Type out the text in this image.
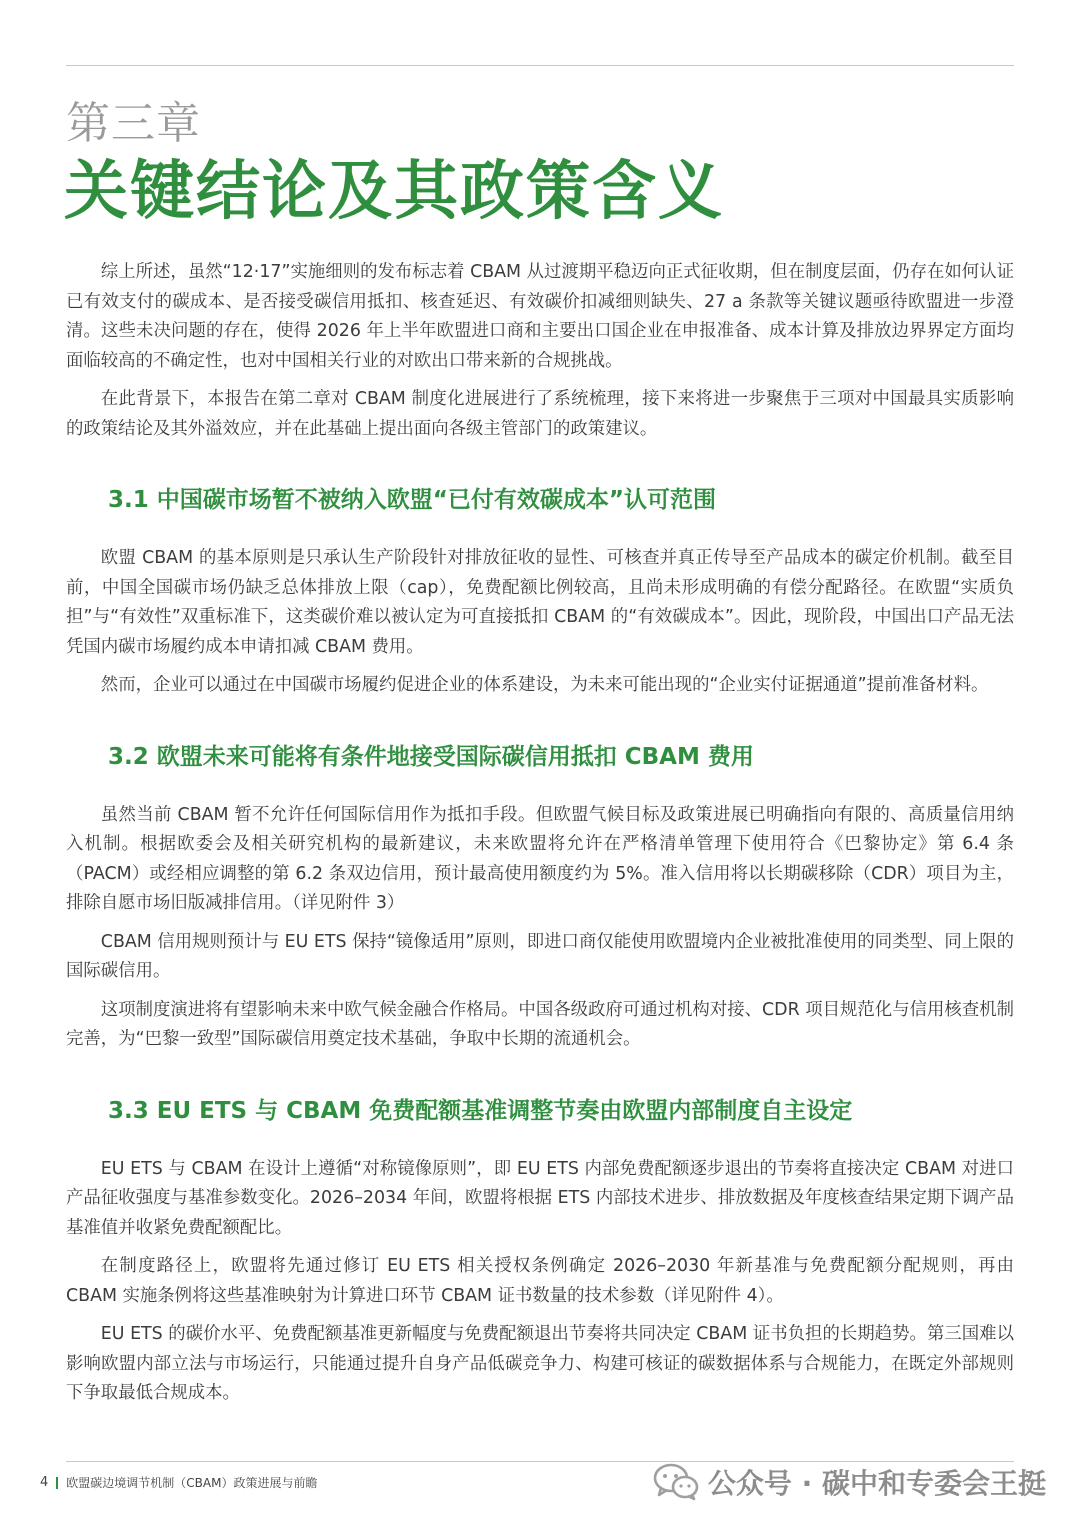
第三章
关键结论及其政策含义

综上所述，虽然“12·17”实施细则的发布标志着 CBAM 从过渡期平稳迈向正式征收期，但在制度层面，仍存在如何认证已有效支付的碳成本、是否接受碳信用抵扣、核查延迟、有效碳价扣减细则缺失、27 a 条款等关键议题亟待欧盟进一步澄清。这些未决问题的存在，使得 2026 年上半年欧盟进口商和主要出口国企业在申报准备、成本计算及排放边界界定方面均面临较高的不确定性，也对中国相关行业的对欧出口带来新的合规挑战。

在此背景下，本报告在第二章对 CBAM 制度化进展进行了系统梳理，接下来将进一步聚焦于三项对中国最具实质影响的政策结论及其外溢效应，并在此基础上提出面向各级主管部门的政策建议。

3.1 中国碳市场暂不被纳入欧盟“已付有效碳成本”认可范围

欧盟 CBAM 的基本原则是只承认生产阶段针对排放征收的显性、可核查并真正传导至产品成本的碳定价机制。截至目前，中国全国碳市场仍缺乏总体排放上限（cap），免费配额比例较高，且尚未形成明确的有偿分配路径。在欧盟“实质负担”与“有效性”双重标准下，这类碳价难以被认定为可直接抵扣 CBAM 的“有效碳成本”。因此，现阶段，中国出口产品无法凭国内碳市场履约成本申请扣减 CBAM 费用。

然而，企业可以通过在中国碳市场履约促进企业的体系建设，为未来可能出现的“企业实付证据通道”提前准备材料。

3.2 欧盟未来可能将有条件地接受国际碳信用抵扣 CBAM 费用

虽然当前 CBAM 暂不允许任何国际信用作为抵扣手段。但欧盟气候目标及政策进展已明确指向有限的、高质量信用纳入机制。根据欧委会及相关研究机构的最新建议，未来欧盟将允许在严格清单管理下使用符合《巴黎协定》第 6.4 条（PACM）或经相应调整的第 6.2 条双边信用，预计最高使用额度约为 5%。准入信用将以长期碳移除（CDR）项目为主，排除自愿市场旧版减排信用。（详见附件 3）

CBAM 信用规则预计与 EU ETS 保持“镜像适用”原则，即进口商仅能使用欧盟境内企业被批准使用的同类型、同上限的国际碳信用。

这项制度演进将有望影响未来中欧气候金融合作格局。中国各级政府可通过机构对接、CDR 项目规范化与信用核查机制完善，为“巴黎一致型”国际碳信用奠定技术基础，争取中长期的流通机会。

3.3 EU ETS 与 CBAM 免费配额基准调整节奏由欧盟内部制度自主设定

EU ETS 与 CBAM 在设计上遵循“对称镜像原则”，即 EU ETS 内部免费配额逐步退出的节奏将直接决定 CBAM 对进口产品征收强度与基准参数变化。2026–2034 年间，欧盟将根据 ETS 内部技术进步、排放数据及年度核查结果定期下调产品基准值并收紧免费配额配比。

在制度路径上，欧盟将先通过修订 EU ETS 相关授权条例确定 2026–2030 年新基准与免费配额分配规则，再由 CBAM 实施条例将这些基准映射为计算进口环节 CBAM 证书数量的技术参数（详见附件 4）。

EU ETS 的碳价水平、免费配额基准更新幅度与免费配额退出节奏将共同决定 CBAM 证书负担的长期趋势。第三国难以影响欧盟内部立法与市场运行，只能通过提升自身产品低碳竞争力、构建可核证的碳数据体系与合规能力，在既定外部规则下争取最低合规成本。

4 欧盟碳边境调节机制（CBAM）政策进展与前瞻	公众号 · 碳中和专委会王挺
